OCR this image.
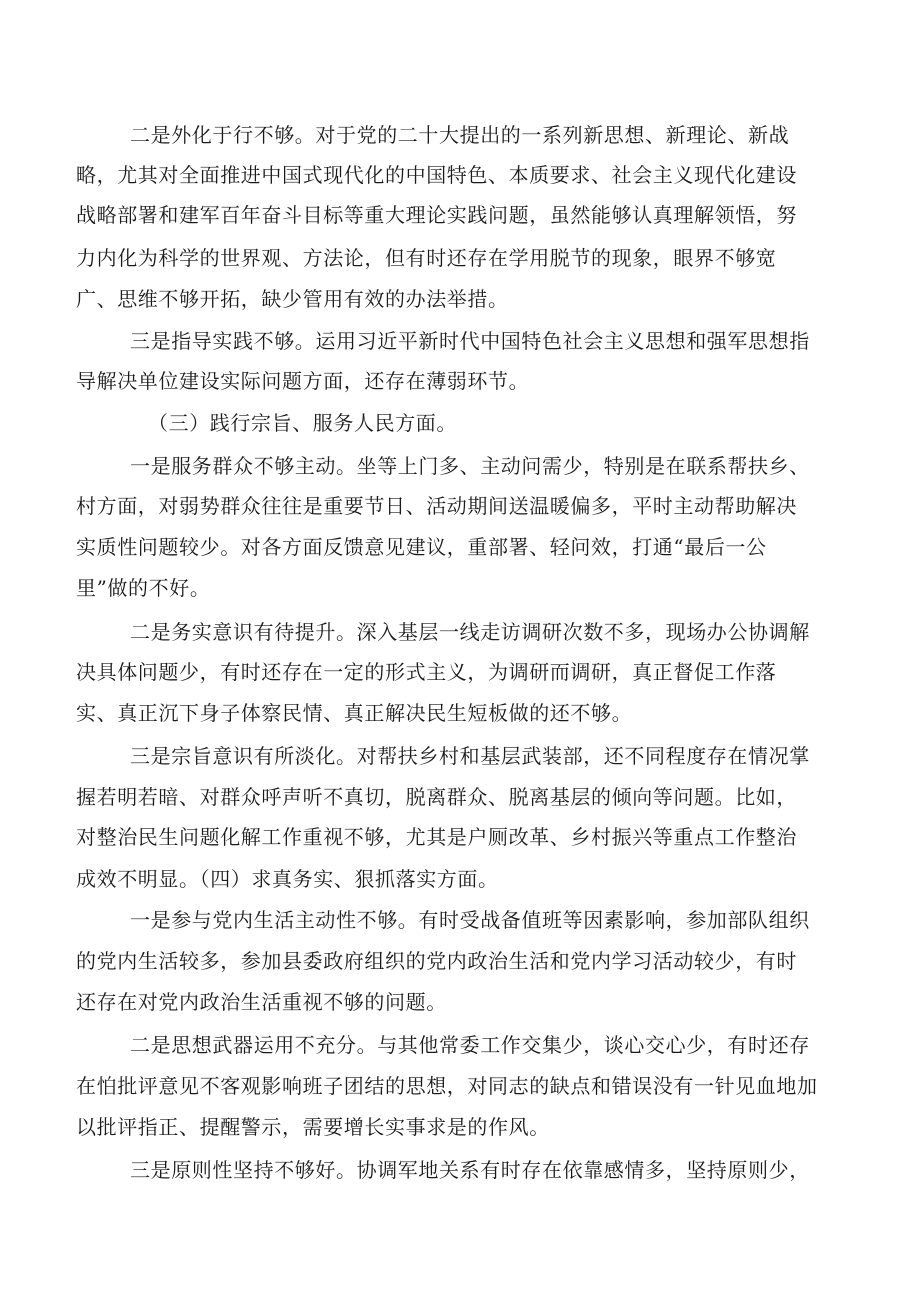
二是外化于行不够。对于党的二十大提出的一系列新思想、新理论、新战

略，尤其对全面推进中国式现代化的中国特色、本质要求、社会主义现代化建设

战略部署和建军百年奋斗目标等重大理论实践问题，虽然能够认真理解领悟，努

力内化为科学的世界观、方法论，但有时还存在学用脱节的现象，眼界不够宽

广、思维不够开拓，缺少管用有效的办法举措。

三是指导实践不够。运用习近平新时代中国特色社会主义思想和强军思想指

导解决单位建设实际问题方面，还存在薄弱环节。

（三）践行宗旨、服务人民方面。

一是服务群众不够主动。坐等上门多、主动问需少，特别是在联系帮扶乡、

村方面，对弱势群众往往是重要节日、活动期间送温暖偏多，平时主动帮助解决

实质性问题较少。对各方面反馈意见建议，重部署、轻问效，打通“最后一公

里”做的不好。

二是务实意识有待提升。深入基层一线走访调研次数不多，现场办公协调解

决具体问题少，有时还存在一定的形式主义，为调研而调研，真正督促工作落

实、真正沉下身子体察民情、真正解决民生短板做的还不够。

三是宗旨意识有所淡化。对帮扶乡村和基层武装部，还不同程度存在情况掌

握若明若暗、对群众呼声听不真切，脱离群众、脱离基层的倾向等问题。比如，

对整治民生问题化解工作重视不够，尤其是户厕改革、乡村振兴等重点工作整治

成效不明显。（四）求真务实、狠抓落实方面。

一是参与党内生活主动性不够。有时受战备值班等因素影响，参加部队组织

的党内生活较多，参加县委政府组织的党内政治生活和党内学习活动较少，有时

还存在对党内政治生活重视不够的问题。

二是思想武器运用不充分。与其他常委工作交集少，谈心交心少，有时还存

在怕批评意见不客观影响班子团结的思想，对同志的缺点和错误没有一针见血地加

以批评指正、提醒警示，需要增长实事求是的作风。

三是原则性坚持不够好。协调军地关系有时存在依靠感情多，坚持原则少，
